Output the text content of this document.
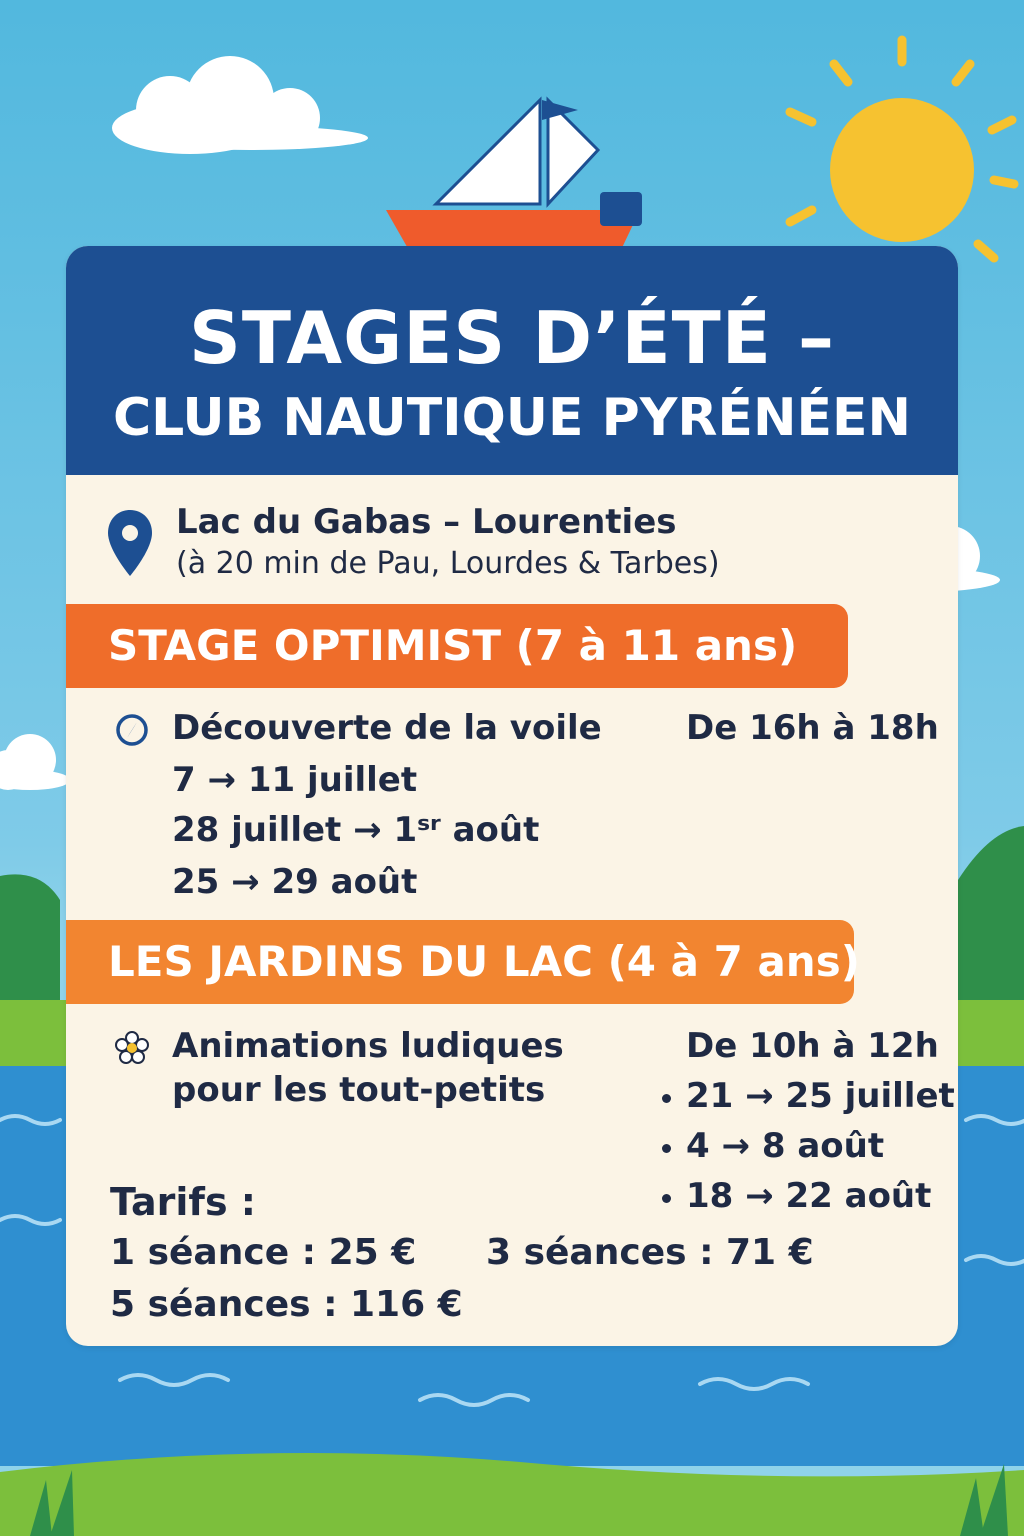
STAGES D’ÉTÉ –
CLUB NAUTIQUE PYRÉNÉEN
Lac du Gabas – Lourenties
(à 20 min de Pau, Lourdes & Tarbes)
STAGE OPTIMIST (7 à 11 ans)
Découverte de la voile De 16h à 18h
7 → 11 juillet
28 juillet → 1ˢʳ août
25 → 29 août
LES JARDINS DU LAC (4 à 7 ans)
Animations ludiques
pour les tout-petits
De 10h à 12h
21 → 25 juillet
4 → 8 août
18 → 22 août
Tarifs :
1 séance : 25 € 3 séances : 71 €
5 séances : 116 €
